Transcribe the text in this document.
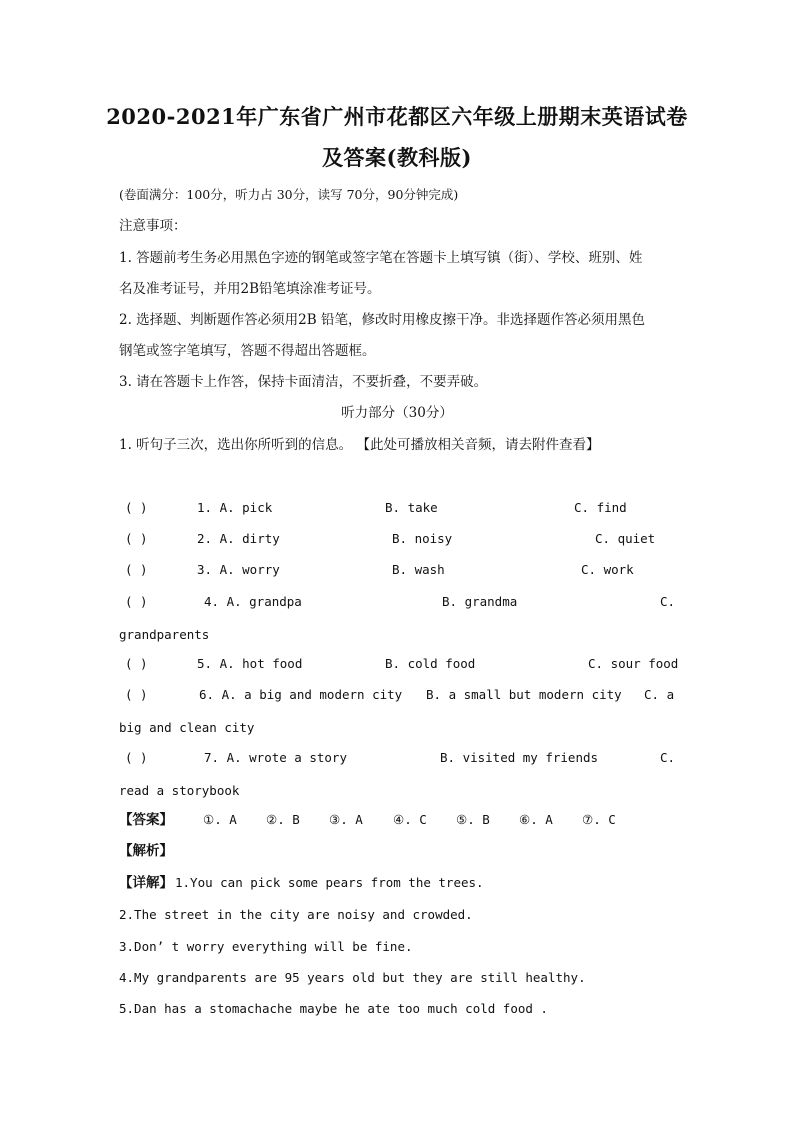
2020-2021年广东省广州市花都区六年级上册期末英语试卷
及答案(教科版)
(卷面满分：100分，听力占 30分，读写 70分，90分钟完成)
注意事项：
1. 答题前考生务必用黑色字迹的钢笔或签字笔在答题卡上填写镇（街）、学校、班别、姓
名及准考证号，并用2B铅笔填涂准考证号。
2. 选择题、判断题作答必须用2B 铅笔，修改时用橡皮擦干净。非选择题作答必须用黑色
钢笔或签字笔填写，答题不得超出答题框。
3. 请在答题卡上作答，保持卡面清洁，不要折叠，不要弄破。
听力部分（30分）
1. 听句子三次，选出你所听到的信息。 【此处可播放相关音频，请去附件查看】
( )	1. A. pick	B. take	C. find
( )	2. A. dirty	B. noisy	C. quiet
( )	3. A. worry	B. wash	C. work
( )	4. A. grandpa	B. grandma	C.
grandparents
( )	5. A. hot food	B. cold food	C. sour food
( )	6. A. a big and modern city B. a small but modern city C. a
big and clean city
( )	7. A. wrote a story	B. visited my friends	C.
read a storybook
【答案】 ①. A ②. B ③. A ④. C ⑤. B ⑥. A ⑦. C
【解析】
【详解】 1.You can pick some pears from the trees.
2.The street in the city are noisy and crowded.
3.Don’ t worry everything will be fine.
4.My grandparents are 95 years old but they are still healthy.
5.Dan has a stomachache maybe he ate too much cold food .
